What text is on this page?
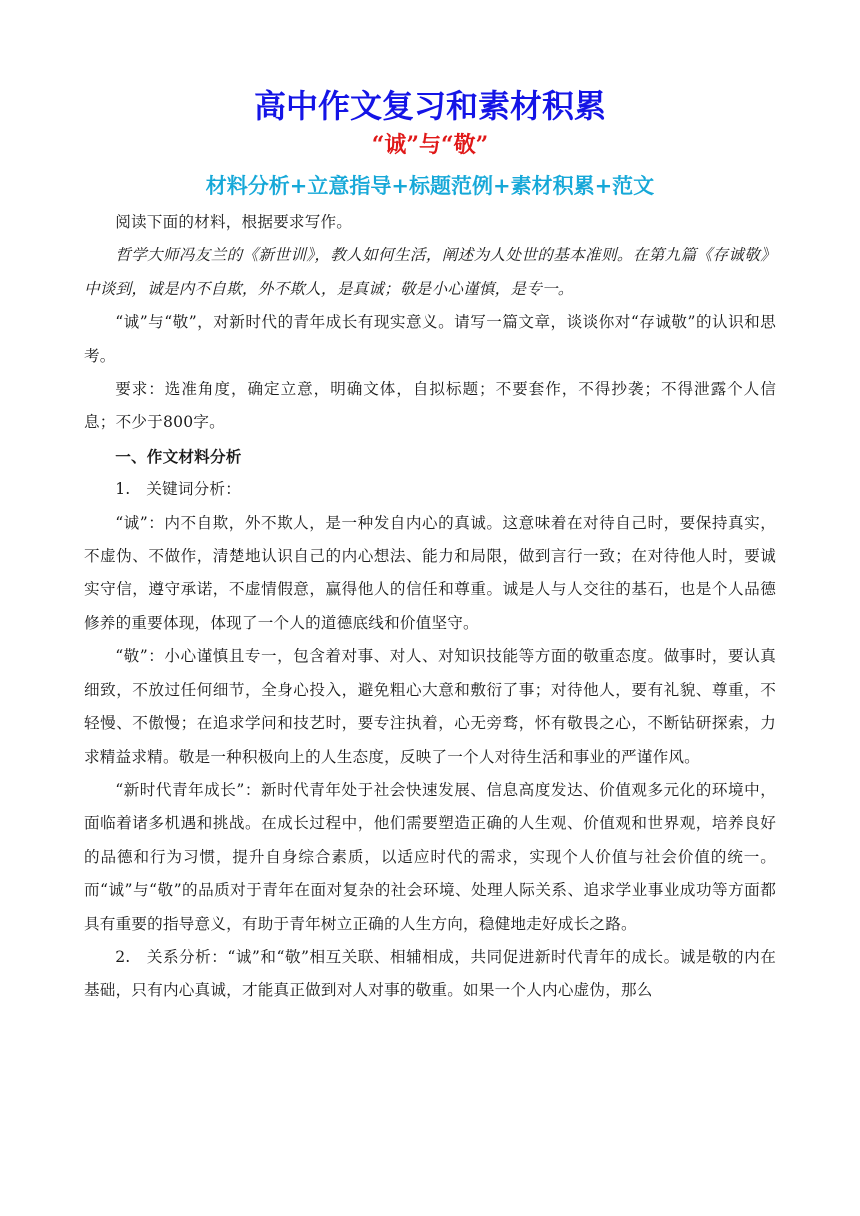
高中作文复习和素材积累
“诚”与“敬”
材料分析+立意指导+标题范例+素材积累+范文

阅读下面的材料，根据要求写作。

哲学大师冯友兰的《新世训》，教人如何生活，阐述为人处世的基本准则。在第九篇《存诚敬》中谈到，诚是内不自欺，外不欺人，是真诚；敬是小心谨慎，是专一。

“诚”与“敬”，对新时代的青年成长有现实意义。请写一篇文章，谈谈你对“存诚敬”的认识和思考。

要求：选准角度，确定立意，明确文体，自拟标题；不要套作，不得抄袭；不得泄露个人信息；不少于800字。

一、作文材料分析

1.　关键词分析：

“诚”：内不自欺，外不欺人，是一种发自内心的真诚。这意味着在对待自己时，要保持真实，不虚伪、不做作，清楚地认识自己的内心想法、能力和局限，做到言行一致；在对待他人时，要诚实守信，遵守承诺，不虚情假意，赢得他人的信任和尊重。诚是人与人交往的基石，也是个人品德修养的重要体现，体现了一个人的道德底线和价值坚守。

“敬”：小心谨慎且专一，包含着对事、对人、对知识技能等方面的敬重态度。做事时，要认真细致，不放过任何细节，全身心投入，避免粗心大意和敷衍了事；对待他人，要有礼貌、尊重，不轻慢、不傲慢；在追求学问和技艺时，要专注执着，心无旁骛，怀有敬畏之心，不断钻研探索，力求精益求精。敬是一种积极向上的人生态度，反映了一个人对待生活和事业的严谨作风。

“新时代青年成长”：新时代青年处于社会快速发展、信息高度发达、价值观多元化的环境中，面临着诸多机遇和挑战。在成长过程中，他们需要塑造正确的人生观、价值观和世界观，培养良好的品德和行为习惯，提升自身综合素质，以适应时代的需求，实现个人价值与社会价值的统一。而“诚”与“敬”的品质对于青年在面对复杂的社会环境、处理人际关系、追求学业事业成功等方面都具有重要的指导意义，有助于青年树立正确的人生方向，稳健地走好成长之路。

2.　关系分析：“诚”和“敬”相互关联、相辅相成，共同促进新时代青年的成长。诚是敬的内在基础，只有内心真诚，才能真正做到对人对事的敬重。如果一个人内心虚伪，那么
